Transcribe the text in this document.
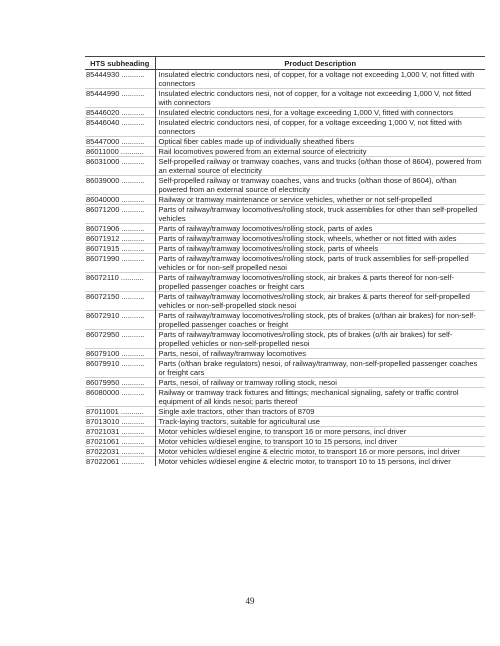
HTS subheading	Product Description
85444930 ...........	Insulated electric conductors nesi, of copper, for a voltage not exceeding 1,000 V, not fitted with connectors
85444990 ...........	Insulated electric conductors nesi, not of copper, for a voltage not exceeding 1,000 V, not fitted with connectors
85446020 ...........	Insulated electric conductors nesi, for a voltage exceeding 1,000 V, fitted with connectors
85446040 ...........	Insulated electric conductors nesi, of copper, for a voltage exceeding 1,000 V, not fitted with connectors
85447000 ...........	Optical fiber cables made up of individually sheathed fibers
86011000 ...........	Rail locomotives powered from an external source of electricity
86031000 ...........	Self-propelled railway or tramway coaches, vans and trucks (o/than those of 8604), powered from an external source of electricity
86039000 ...........	Self-propelled railway or tramway coaches, vans and trucks (o/than those of 8604), o/than powered from an external source of electricity
86040000 ...........	Railway or tramway maintenance or service vehicles, whether or not self-propelled
86071200 ...........	Parts of railway/tramway locomotives/rolling stock, truck assemblies for other than self-propelled vehicles
86071906 ...........	Parts of railway/tramway locomotives/rolling stock, parts of axles
86071912 ...........	Parts of railway/tramway locomotives/rolling stock, wheels, whether or not fitted with axles
86071915 ...........	Parts of railway/tramway locomotives/rolling stock, parts of wheels
86071990 ...........	Parts of railway/tramway locomotives/rolling stock, parts of truck assemblies for self-propelled vehicles or for non-self propelled nesoi
86072110 ...........	Parts of railway/tramway locomotives/rolling stock, air brakes & parts thereof for non-self-propelled passenger coaches or freight cars
86072150 ...........	Parts of railway/tramway locomotives/rolling stock, air brakes & parts thereof for self-propelled vehicles or non-self-propelled stock nesoi
86072910 ...........	Parts of railway/tramway locomotives/rolling stock, pts of brakes (o/than air brakes) for non-self-propelled passenger coaches or freight
86072950 ...........	Parts of railway/tramway locomotives/rolling stock, pts of brakes (o/th air brakes) for self-propelled vehicles or non-self-propelled nesoi
86079100 ...........	Parts, nesoi, of railway/tramway locomotives
86079910 ...........	Parts (o/than brake regulators) nesoi, of railway/tramway, non-self-propelled passenger coaches or freight cars
86079950 ...........	Parts, nesoi, of railway or tramway rolling stock, nesoi
86080000 ...........	Railway or tramway track fixtures and fittings; mechanical signaling, safety or traffic control equipment of all kinds nesoi; parts thereof
87011001 ...........	Single axle tractors, other than tractors of 8709
87013010 ...........	Track-laying tractors, suitable for agricultural use
87021031 ...........	Motor vehicles w/diesel engine, to transport 16 or more persons, incl driver
87021061 ...........	Motor vehicles w/diesel engine, to transport 10 to 15 persons, incl driver
87022031 ...........	Motor vehicles w/diesel engine & electric motor, to transport 16 or more persons, incl driver
87022061 ...........	Motor vehicles w/diesel engine & electric motor, to transport 10 to 15 persons, incl driver
49
